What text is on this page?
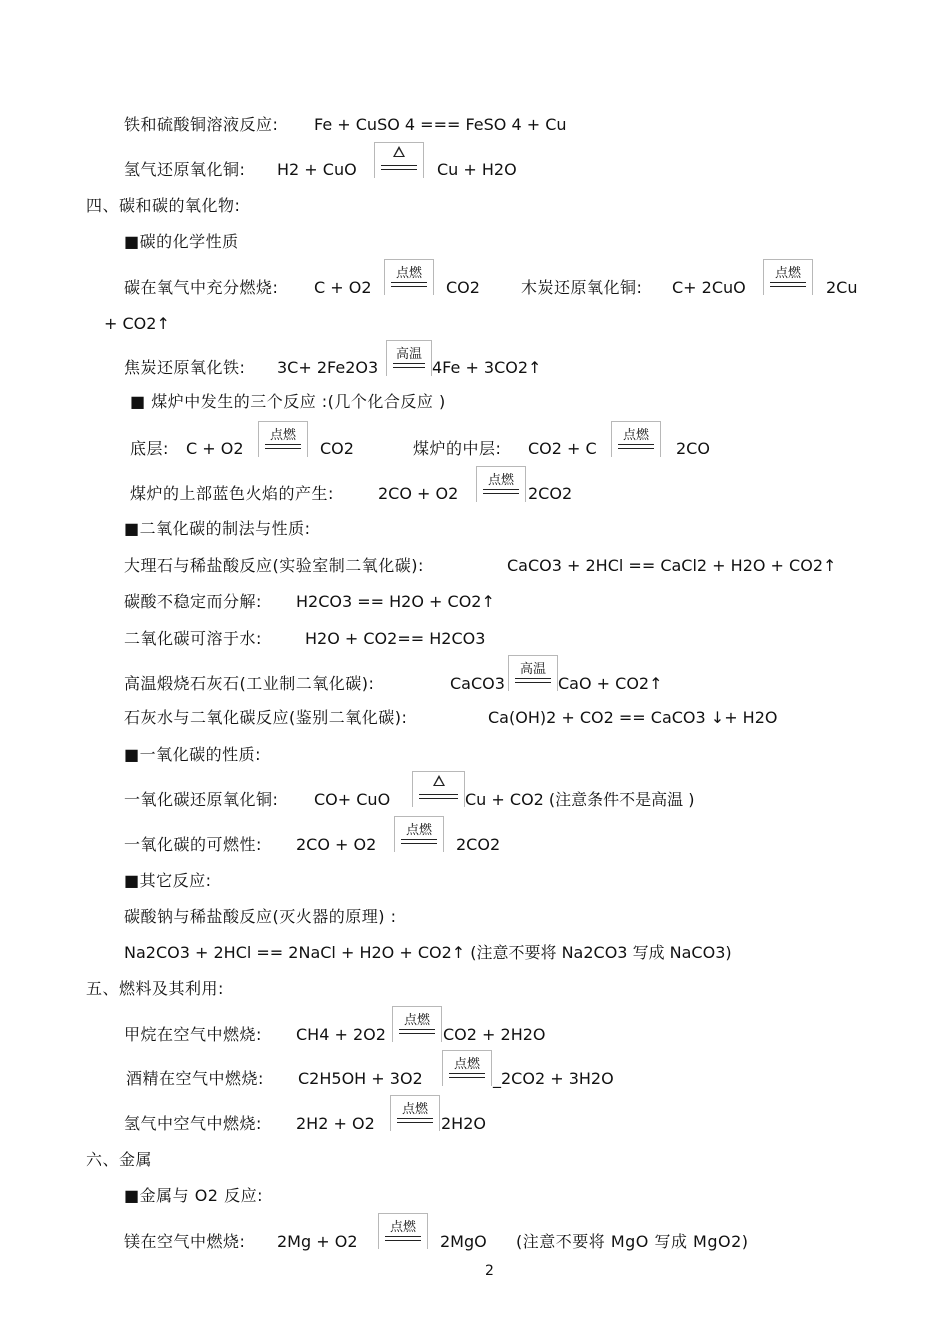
铁和硫酸铜溶液反应: Fe + CuSO 4 === FeSO 4 + Cu
氢气还原氧化铜: H2 + CuO	Cu + H2O
四、碳和碳的氧化物:
■碳的化学性质
碳在氧气中充分燃烧: C + O2
点燃
CO2	木炭还原氧化铜: C+ 2CuO
点燃
2Cu
+ CO2↑
焦炭还原氧化铁: 3C+ 2Fe2O3
高温
4Fe + 3CO2↑
■ 煤炉中发生的三个反应 :(几个化合反应 )
底层: C + O2
点燃
CO2	煤炉的中层: CO2 + C
点燃
2CO
煤炉的上部蓝色火焰的产生:	2CO + O2
点燃
2CO2
■二氧化碳的制法与性质:
大理石与稀盐酸反应(实验室制二氧化碳):	CaCO3 + 2HCl == CaCl2 + H2O + CO2↑
碳酸不稳定而分解: H2CO3 == H2O + CO2↑
二氧化碳可溶于水:	H2O + CO2== H2CO3
高温煅烧石灰石(工业制二氧化碳):	CaCO3
高温
CaO + CO2↑
石灰水与二氧化碳反应(鉴别二氧化碳):	Ca(OH)2 + CO2 == CaCO3 ↓+ H2O
■一氧化碳的性质:
一氧化碳还原氧化铜: CO+ CuO	Cu + CO2 (注意条件不是高温 )
一氧化碳的可燃性: 2CO + O2
点燃
2CO2
■其它反应:
碳酸钠与稀盐酸反应(灭火器的原理) :
Na2CO3 + 2HCl == 2NaCl + H2O + CO2↑ (注意不要将 Na2CO3 写成 NaCO3)
五、燃料及其利用:
甲烷在空气中燃烧: CH4 + 2O2
点燃
CO2 + 2H2O
酒精在空气中燃烧: C2H5OH + 3O2
点燃
_2CO2 + 3H2O
氢气中空气中燃烧: 2H2 + O2
点燃
2H2O
六、金属
■金属与 O2 反应:
镁在空气中燃烧: 2Mg + O2
点燃
2MgO (注意不要将 MgO 写成 MgO2)
2
